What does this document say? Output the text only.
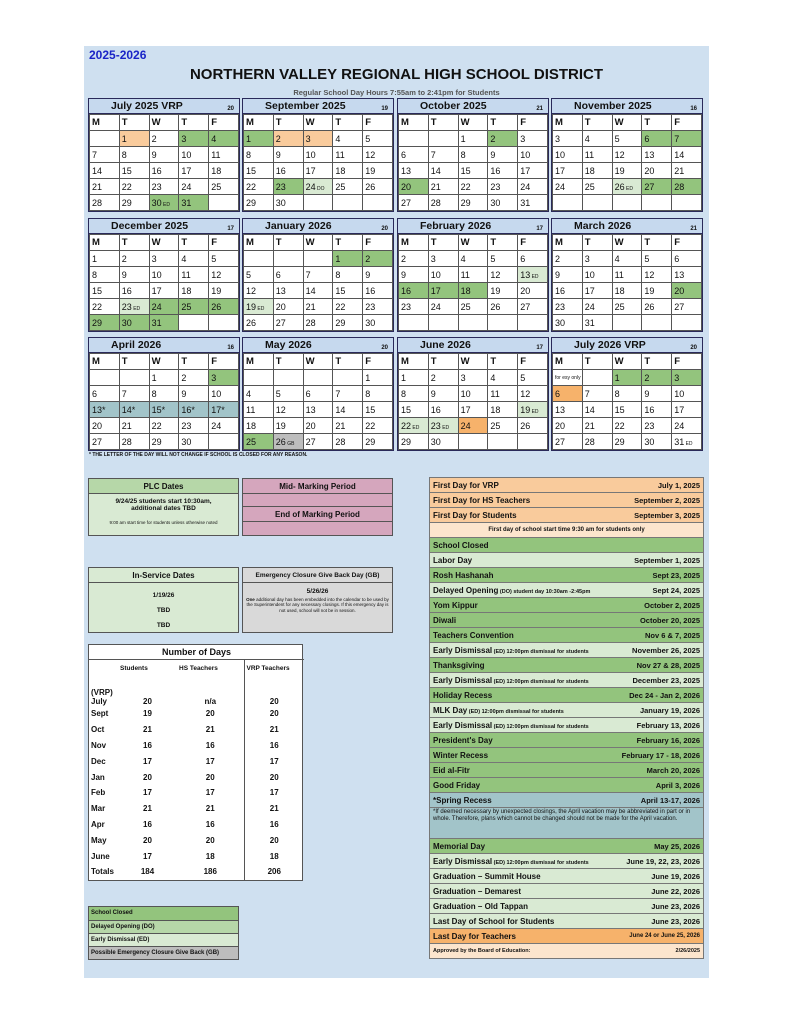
2025-2026
NORTHERN VALLEY REGIONAL HIGH SCHOOL DISTRICT
Regular School Day Hours 7:55am to 2:41pm for Students
July 2025 VRP	20
M	T	W	T	F
	1	2	3	4
7	8	9	10	11
14	15	16	17	18
21	22	23	24	25
28	29	30 ED	31	
September 2025	19
M	T	W	T	F
1	2	3	4	5
8	9	10	11	12
15	16	17	18	19
22	23	24 DO	25	26
29	30			
October 2025	21
M	T	W	T	F
		1	2	3
6	7	8	9	10
13	14	15	16	17
20	21	22	23	24
27	28	29	30	31
November 2025	16
M	T	W	T	F
3	4	5	6	7
10	11	12	13	14
17	18	19	20	21
24	25	26 ED	27	28

December 2025	17
M	T	W	T	F
1	2	3	4	5
8	9	10	11	12
15	16	17	18	19
22	23 ED	24	25	26
29	30	31		
January 2026	20
M	T	W	T	F
			1	2
5	6	7	8	9
12	13	14	15	16
19 ED	20	21	22	23
26	27	28	29	30
February 2026	17
M	T	W	T	F
2	3	4	5	6
9	10	11	12	13 ED
16	17	18	19	20
23	24	25	26	27

March 2026	21
M	T	W	T	F
2	3	4	5	6
9	10	11	12	13
16	17	18	19	20
23	24	25	26	27
30	31			
April 2026	16
M	T	W	T	F
		1	2	3
6	7	8	9	10
13*	14*	15*	16*	17*
20	21	22	23	24
27	28	29	30	
May 2026	20
M	T	W	T	F
				1
4	5	6	7	8
11	12	13	14	15
18	19	20	21	22
25	26 GB	27	28	29
June 2026	17
M	T	W	T	F
1	2	3	4	5
8	9	10	11	12
15	16	17	18	19 ED
22 ED	23 ED	24	25	26
29	30			
July 2026 VRP	20
M	T	W	T	F
for esy only		1	2	3
6	7	8	9	10
13	14	15	16	17
20	21	22	23	24
27	28	29	30	31 ED
* THE LETTER OF THE DAY WILL NOT CHANGE IF SCHOOL IS CLOSED FOR ANY REASON.
PLC Dates
9/24/25 students start 10:30am,
additional dates TBD
9:00 am start time for students unless otherwise noted
Mid- Marking Period
End of Marking Period
In-Service Dates
1/19/26
TBD
TBD
Emergency Closure Give Back Day (GB)
5/26/26
One additional day has been embedded into the calendar to be used by the Superintendent for any necessary closings. If this emergency day is not used, school will not be in session.
Number of Days
	Students	HS Teachers	VRP Teachers
(VRP)
July	20	n/a	20
Sept	19	20	20
Oct	21	21	21
Nov	16	16	16
Dec	17	17	17
Jan	20	20	20
Feb	17	17	17
Mar	21	21	21
Apr	16	16	16
May	20	20	20
June	17	18	18
Totals	184	186	206
School Closed
Delayed Opening (DO)
Early Dismissal (ED)
Possible Emergency Closure Give Back (GB)
First Day for VRP	July 1, 2025
First Day for HS Teachers	September 2, 2025
First Day for Students	September 3, 2025
First day of school start time 9:30 am for students only
School Closed
Labor Day	September 1, 2025
Rosh Hashanah	Sept 23, 2025
Delayed Opening (DO) student day 10:30am -2:45pm	Sept 24, 2025
Yom Kippur	October 2, 2025
Diwali	October 20, 2025
Teachers Convention	Nov 6 & 7, 2025
Early Dismissal (ED) 12:00pm dismissal for students	November 26, 2025
Thanksgiving	Nov 27 & 28, 2025
Early Dismissal (ED) 12:00pm dismissal for students	December 23, 2025
Holiday Recess	Dec 24 - Jan 2, 2026
MLK Day (ED) 12:00pm dismissal for students	January 19, 2026
Early Dismissal (ED) 12:00pm dismissal for students	February 13, 2026
President's Day	February 16, 2026
Winter Recess	February 17 - 18, 2026
Eid al-Fitr	March 20, 2026
Good Friday	April 3, 2026
*Spring Recess	April 13-17, 2026
*If deemed necessary by unexpected closings, the April vacation may be abbreviated in part or in whole. Therefore, plans which cannot be changed should not be made for the April vacation.
Memorial Day	May 25, 2026
Early Dismissal (ED) 12:00pm dismissal for students	June 19, 22, 23, 2026
Graduation – Summit House	June 19, 2026
Graduation – Demarest	June 22, 2026
Graduation – Old Tappan	June 23, 2026
Last Day of School for Students	June 23, 2026
Last Day for Teachers	June 24 or June 25, 2026
Approved by the Board of Education:	2/26/2025
